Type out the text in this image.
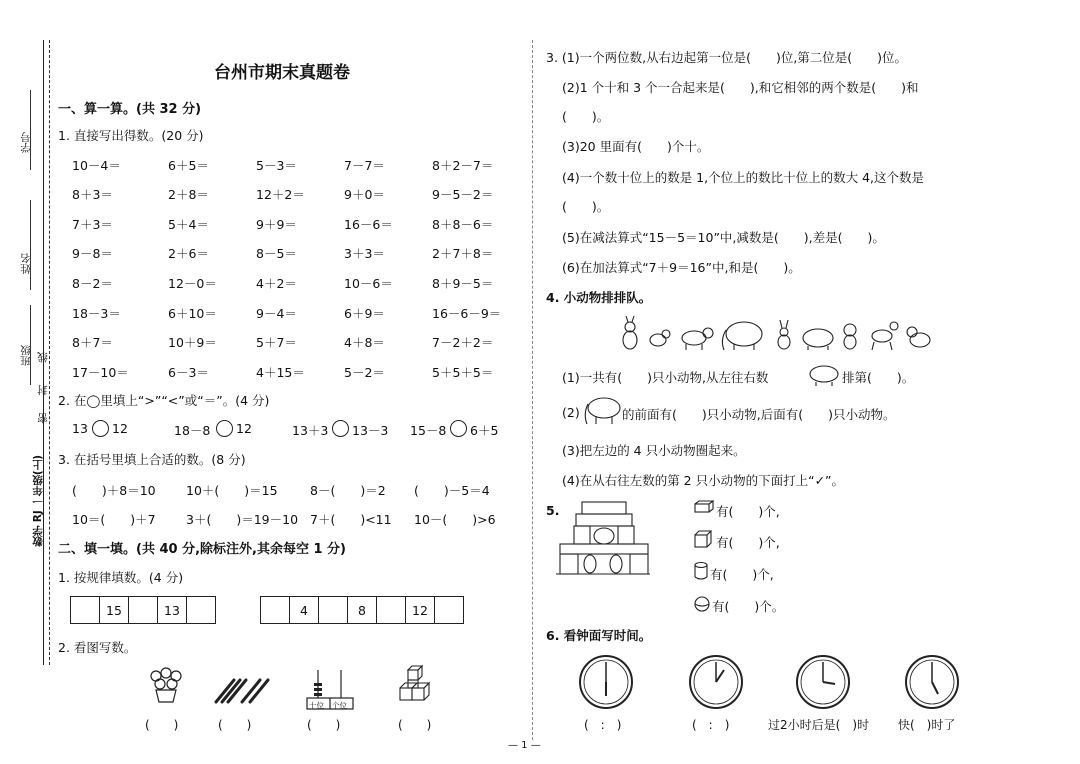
学号
姓名
班级 线
封
密
数学 RJ 一年级(上)
台州市期末真题卷
一、算一算。(共 32 分)
1. 直接写出得数。(20 分)
10－4＝	6＋5＝	5－3＝	7－7＝	8＋2－7＝
8＋3＝	2＋8＝	12＋2＝	9＋0＝	9－5－2＝
7＋3＝	5＋4＝	9＋9＝	16－6＝	8＋8－6＝
9－8＝	2＋6＝	8－5＝	3＋3＝	2＋7＋8＝
8－2＝	12－0＝	4＋2＝	10－6＝	8＋9－5＝
18－3＝	6＋10＝	9－4＝	6＋9＝	16－6－9＝
8＋7＝	10＋9＝	5＋7＝	4＋8＝	7－2＋2＝
17－10＝	6－3＝	4＋15＝	5－2＝	5＋5＋5＝
2. 在◯里填上“>”“<”或“＝”。(4 分)
13 12	18－8 12	13＋3 13－3 15－8 6＋5
3. 在括号里填上合适的数。(8 分)
(　　)＋8＝10 10＋(　　)＝15	8－(　　)＝2 (　　)－5＝4
10＝(　　)＋7 3＋(　　)＝19－10 7＋(　　)<11 10－(　　)>6
二、填一填。(共 40 分,除标注外,其余每空 1 分)
1. 按规律填数。(4 分)
	15		13	
		4		8		12	
2. 看图写数。
十位 个位
(　　)	(　　)	(　　)	(　　)
3. (1)一个两位数,从右边起第一位是(　　)位,第二位是(　　)位。
(2)1 个十和 3 个一合起来是(　　),和它相邻的两个数是(　　)和
(　　)。
(3)20 里面有(　　)个十。
(4)一个数十位上的数是 1,个位上的数比十位上的数大 4,这个数是
(　　)。
(5)在减法算式“15－5＝10”中,减数是(　　),差是(　　)。
(6)在加法算式“7＋9＝16”中,和是(　　)。
4. 小动物排排队。
(1)一共有(　　)只小动物,从左往右数	排第(　　)。
(2)	的前面有(　　)只小动物,后面有(　　)只小动物。
(3)把左边的 4 只小动物圈起来。
(4)在从右往左数的第 2 只小动物的下面打上“✓”。
5.	有(　　)个,
有(　　)个,
有(　　)个,
有(　　)个。
6. 看钟面写时间。
(　:　)	(　:　)	过2小时后是(　)时 快(　)时了
— 1 —
